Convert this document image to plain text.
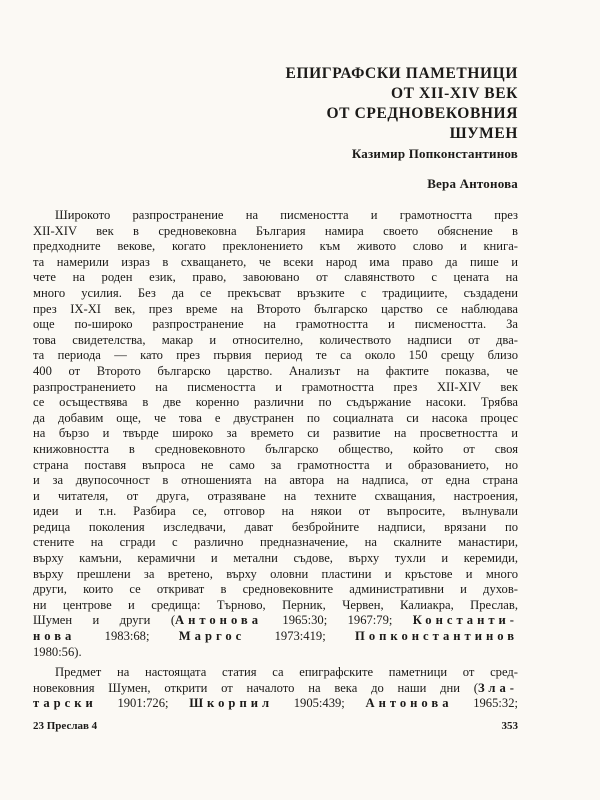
ЕПИГРАФСКИ ПАМЕТНИЦИ
ОТ XII-XIV ВЕК
ОТ СРЕДНОВЕКОВНИЯ
ШУМЕН
Казимир Попконстантинов
Вера Антонова
Широкото разпространение на писмеността и грамотността през
XII-XIV век в средновековна България намира своето обяснение в
предходните векове, когато преклонението към живото слово и книга-
та намерили израз в схващането, че всеки народ има право да пише и
чете на роден език, право, завоювано от славянството с цената на
много усилия. Без да се прекъсват връзките с традициите, създадени
през IX-XI век, през време на Второто българско царство се наблюдава
още по-широко разпространение на грамотността и писмеността. За
това свидетелства, макар и относително, количеството надписи от два-
та периода — като през първия период те са около 150 срещу близо
400 от Второто българско царство. Анализът на фактите показва, че
разпространението на писмеността и грамотността през XII-XIV век
се осъществява в две коренно различни по съдържание насоки. Трябва
да добавим още, че това е двустранен по социалната си насока процес
на бързо и твърде широко за времето си развитие на просветността и
книжовността в средновековното българско общество, който от своя
страна поставя въпроса не само за грамотността и образованието, но
и за двупосочност в отношенията на автора на надписа, от една страна
и читателя, от друга, отразяване на техните схващания, настроения,
идеи и т.н. Разбира се, отговор на някои от въпросите, вълнували
редица поколения изследвачи, дават безбройните надписи, врязани по
стените на сгради с различно предназначение, на скалните манастири,
върху камъни, керамични и метални съдове, върху тухли и керемиди,
върху прешлени за вретено, върху оловни пластини и кръстове и много
други, които се откриват в средновековните административни и духов-
ни центрове и средища: Търново, Перник, Червен, Калиакра, Преслав,
Шумен и други (Антонова 1965:30; 1967:79; Константи-
нова 1983:68; Маргос 1973:419; Попконстантинов
1980:56).
Предмет на настоящата статия са епиграфските паметници от сред-
новековния Шумен, открити от началото на века до наши дни (Зла-
тарски 1901:726; Шкорпил 1905:439; Антонова 1965:32;
23 Преслав 4	353
